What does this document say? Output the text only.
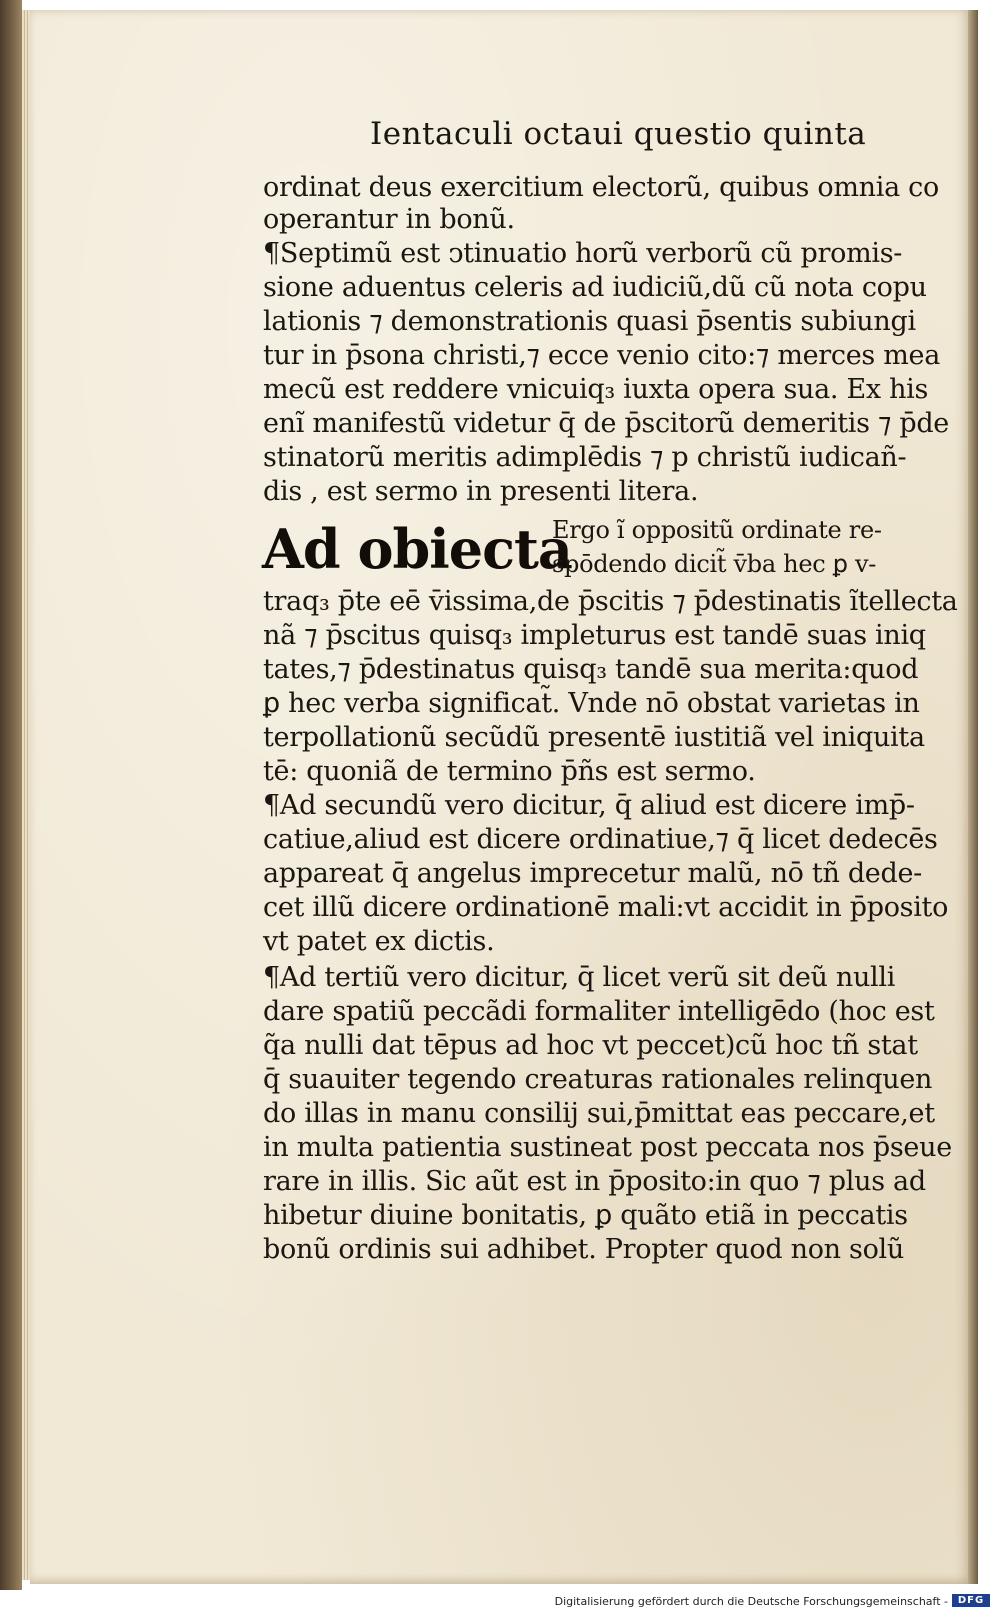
Ientaculi octaui questio quinta
Ad obiecta
ordinat deus exercitium electorũ, quibus omnia co
operantur in bonũ.
¶Septimũ est ↄtinuatio horũ verborũ cũ promis-
sione aduentus celeris ad iudiciũ,dũ cũ nota copu
lationis ⁊ demonstrationis quasi p̄sentis subiungi
tur in p̄sona christi,⁊ ecce venio cito:⁊ merces mea
mecũ est reddere vnicuiq₃ iuxta opera sua. Ex his
enĩ manifestũ videtur q̄ de p̄scitorũ demeritis ⁊ p̄de
stinatorũ meritis adimplēdis ⁊ p christũ iudicañ-
dis , est sermo in presenti litera.
Ergo ĩ oppositũ ordinate re-
spōdendo dicit̃ v̄ba hec ꝑ v-
traq₃ p̄te eē v̄issima,de p̄scitis ⁊ p̄destinatis ĩtellecta
nã ⁊ p̄scitus quisq₃ impleturus est tandē suas iniq
tates,⁊ p̄destinatus quisq₃ tandē sua merita:quod
ꝑ hec verba significat̃. Vnde nō obstat varietas in
terpollationũ secũdũ presentē iustitiã vel iniquita
tē: quoniã de termino p̄ñs est sermo.
¶Ad secundũ vero dicitur, q̄ aliud est dicere imp̄-
catiue,aliud est dicere ordinatiue,⁊ q̄ licet dedecēs
appareat q̄ angelus imprecetur malũ, nō tñ dede-
cet illũ dicere ordinationē mali:vt accidit in p̄posito
vt patet ex dictis.
¶Ad tertiũ vero dicitur, q̄ licet verũ sit deũ nulli
dare spatiũ peccãdi formaliter intelligēdo (hoc est
q̃a nulli dat tēpus ad hoc vt peccet)cũ hoc tñ stat
q̄ suauiter tegendo creaturas rationales relinquen
do illas in manu consilij sui,p̄mittat eas peccare,et
in multa patientia sustineat post peccata nos p̄seue
rare in illis. Sic aũt est in p̄posito:in quo ⁊ plus ad
hibetur diuine bonitatis, ꝑ quãto etiã in peccatis
bonũ ordinis sui adhibet. Propter quod non solũ
Digitalisierung gefördert durch die Deutsche Forschungsgemeinschaft - DFG
